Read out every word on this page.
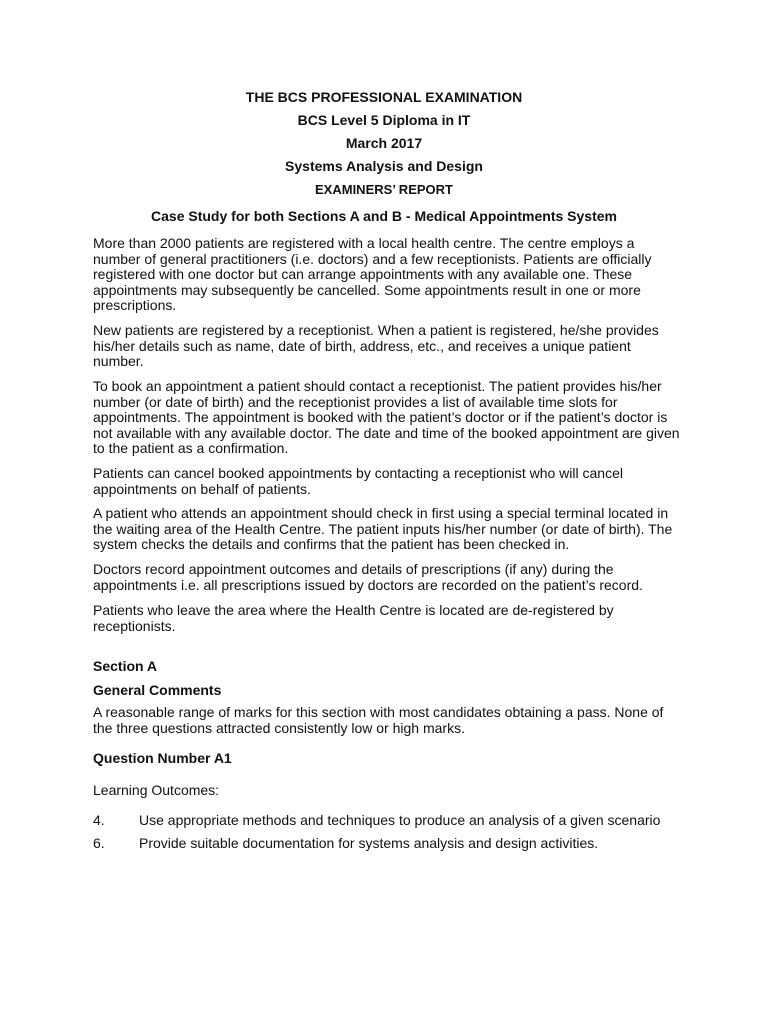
THE BCS PROFESSIONAL EXAMINATION
BCS Level 5 Diploma in IT
March 2017
Systems Analysis and Design
EXAMINERS’ REPORT
Case Study for both Sections A and B - Medical Appointments System
More than 2000 patients are registered with a local health centre. The centre employs a number of general practitioners (i.e. doctors) and a few receptionists. Patients are officially registered with one doctor but can arrange appointments with any available one. These appointments may subsequently be cancelled. Some appointments result in one or more prescriptions.
New patients are registered by a receptionist. When a patient is registered, he/she provides his/her details such as name, date of birth, address, etc., and receives a unique patient number.
To book an appointment a patient should contact a receptionist. The patient provides his/her number (or date of birth) and the receptionist provides a list of available time slots for appointments. The appointment is booked with the patient’s doctor or if the patient’s doctor is not available with any available doctor. The date and time of the booked appointment are given to the patient as a confirmation.
Patients can cancel booked appointments by contacting a receptionist who will cancel appointments on behalf of patients.
A patient who attends an appointment should check in first using a special terminal located in the waiting area of the Health Centre. The patient inputs his/her number (or date of birth). The system checks the details and confirms that the patient has been checked in.
Doctors record appointment outcomes and details of prescriptions (if any) during the appointments i.e. all prescriptions issued by doctors are recorded on the patient’s record.
Patients who leave the area where the Health Centre is located are de-registered by receptionists.
Section A
General Comments
A reasonable range of marks for this section with most candidates obtaining a pass. None of the three questions attracted consistently low or high marks.
Question Number A1
Learning Outcomes:
4. Use appropriate methods and techniques to produce an analysis of a given scenario
6. Provide suitable documentation for systems analysis and design activities.
